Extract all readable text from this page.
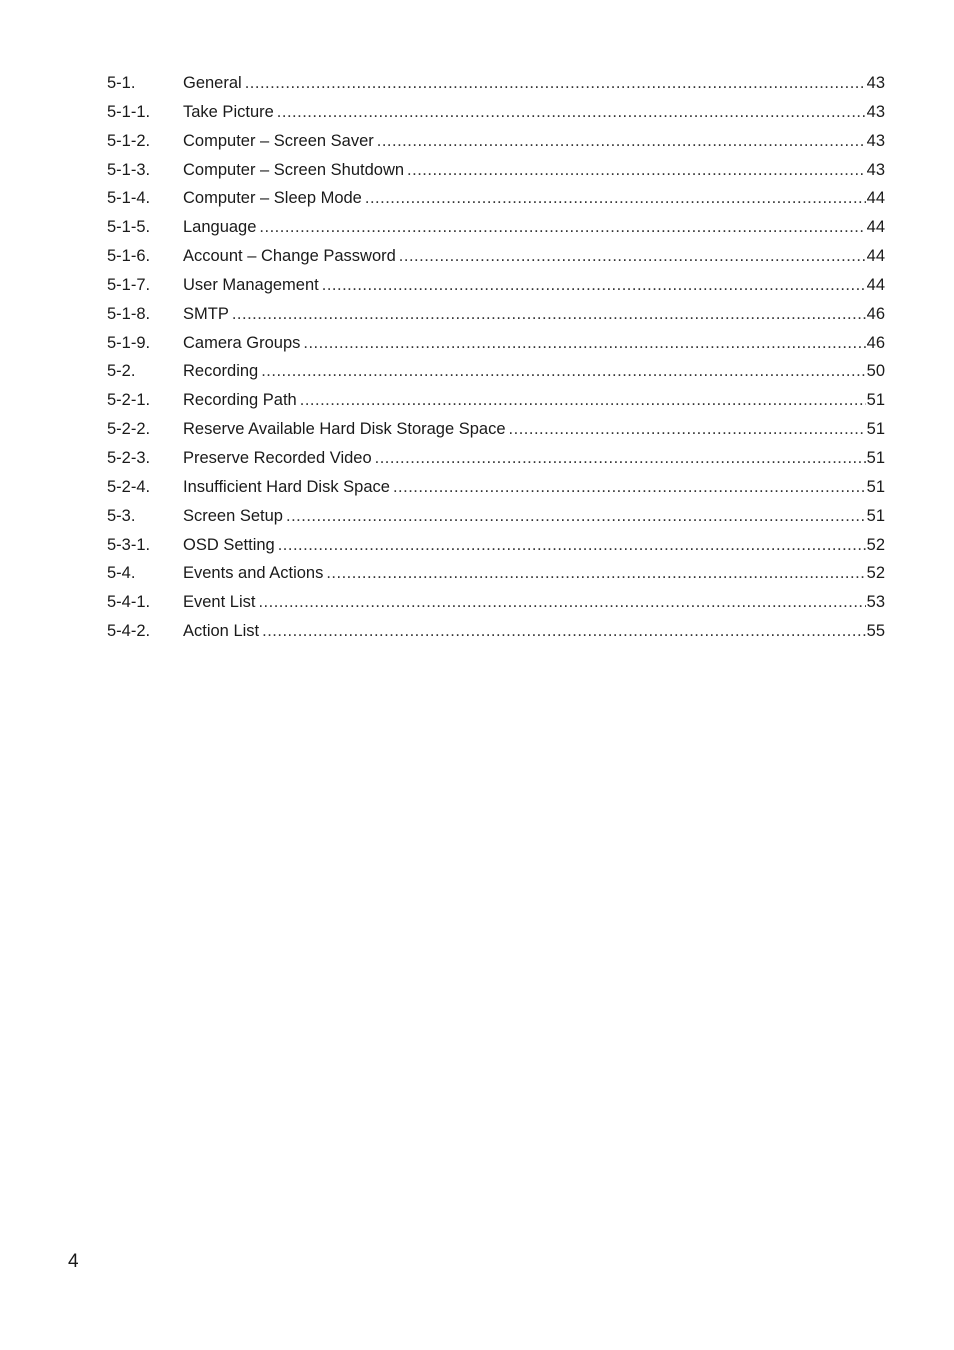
5-1.	General .....	43
5-1-1.	Take Picture .....	43
5-1-2.	Computer – Screen Saver .....	43
5-1-3.	Computer – Screen Shutdown .....	43
5-1-4.	Computer – Sleep Mode .....	44
5-1-5.	Language .....	44
5-1-6.	Account – Change Password .....	44
5-1-7.	User Management .....	44
5-1-8.	SMTP .....	46
5-1-9.	Camera Groups .....	46
5-2.	Recording .....	50
5-2-1.	Recording Path .....	51
5-2-2.	Reserve Available Hard Disk Storage Space .....	51
5-2-3.	Preserve Recorded Video .....	51
5-2-4.	Insufficient Hard Disk Space .....	51
5-3.	Screen Setup .....	51
5-3-1.	OSD Setting .....	52
5-4.	Events and Actions .....	52
5-4-1.	Event List .....	53
5-4-2.	Action List .....	55
4
